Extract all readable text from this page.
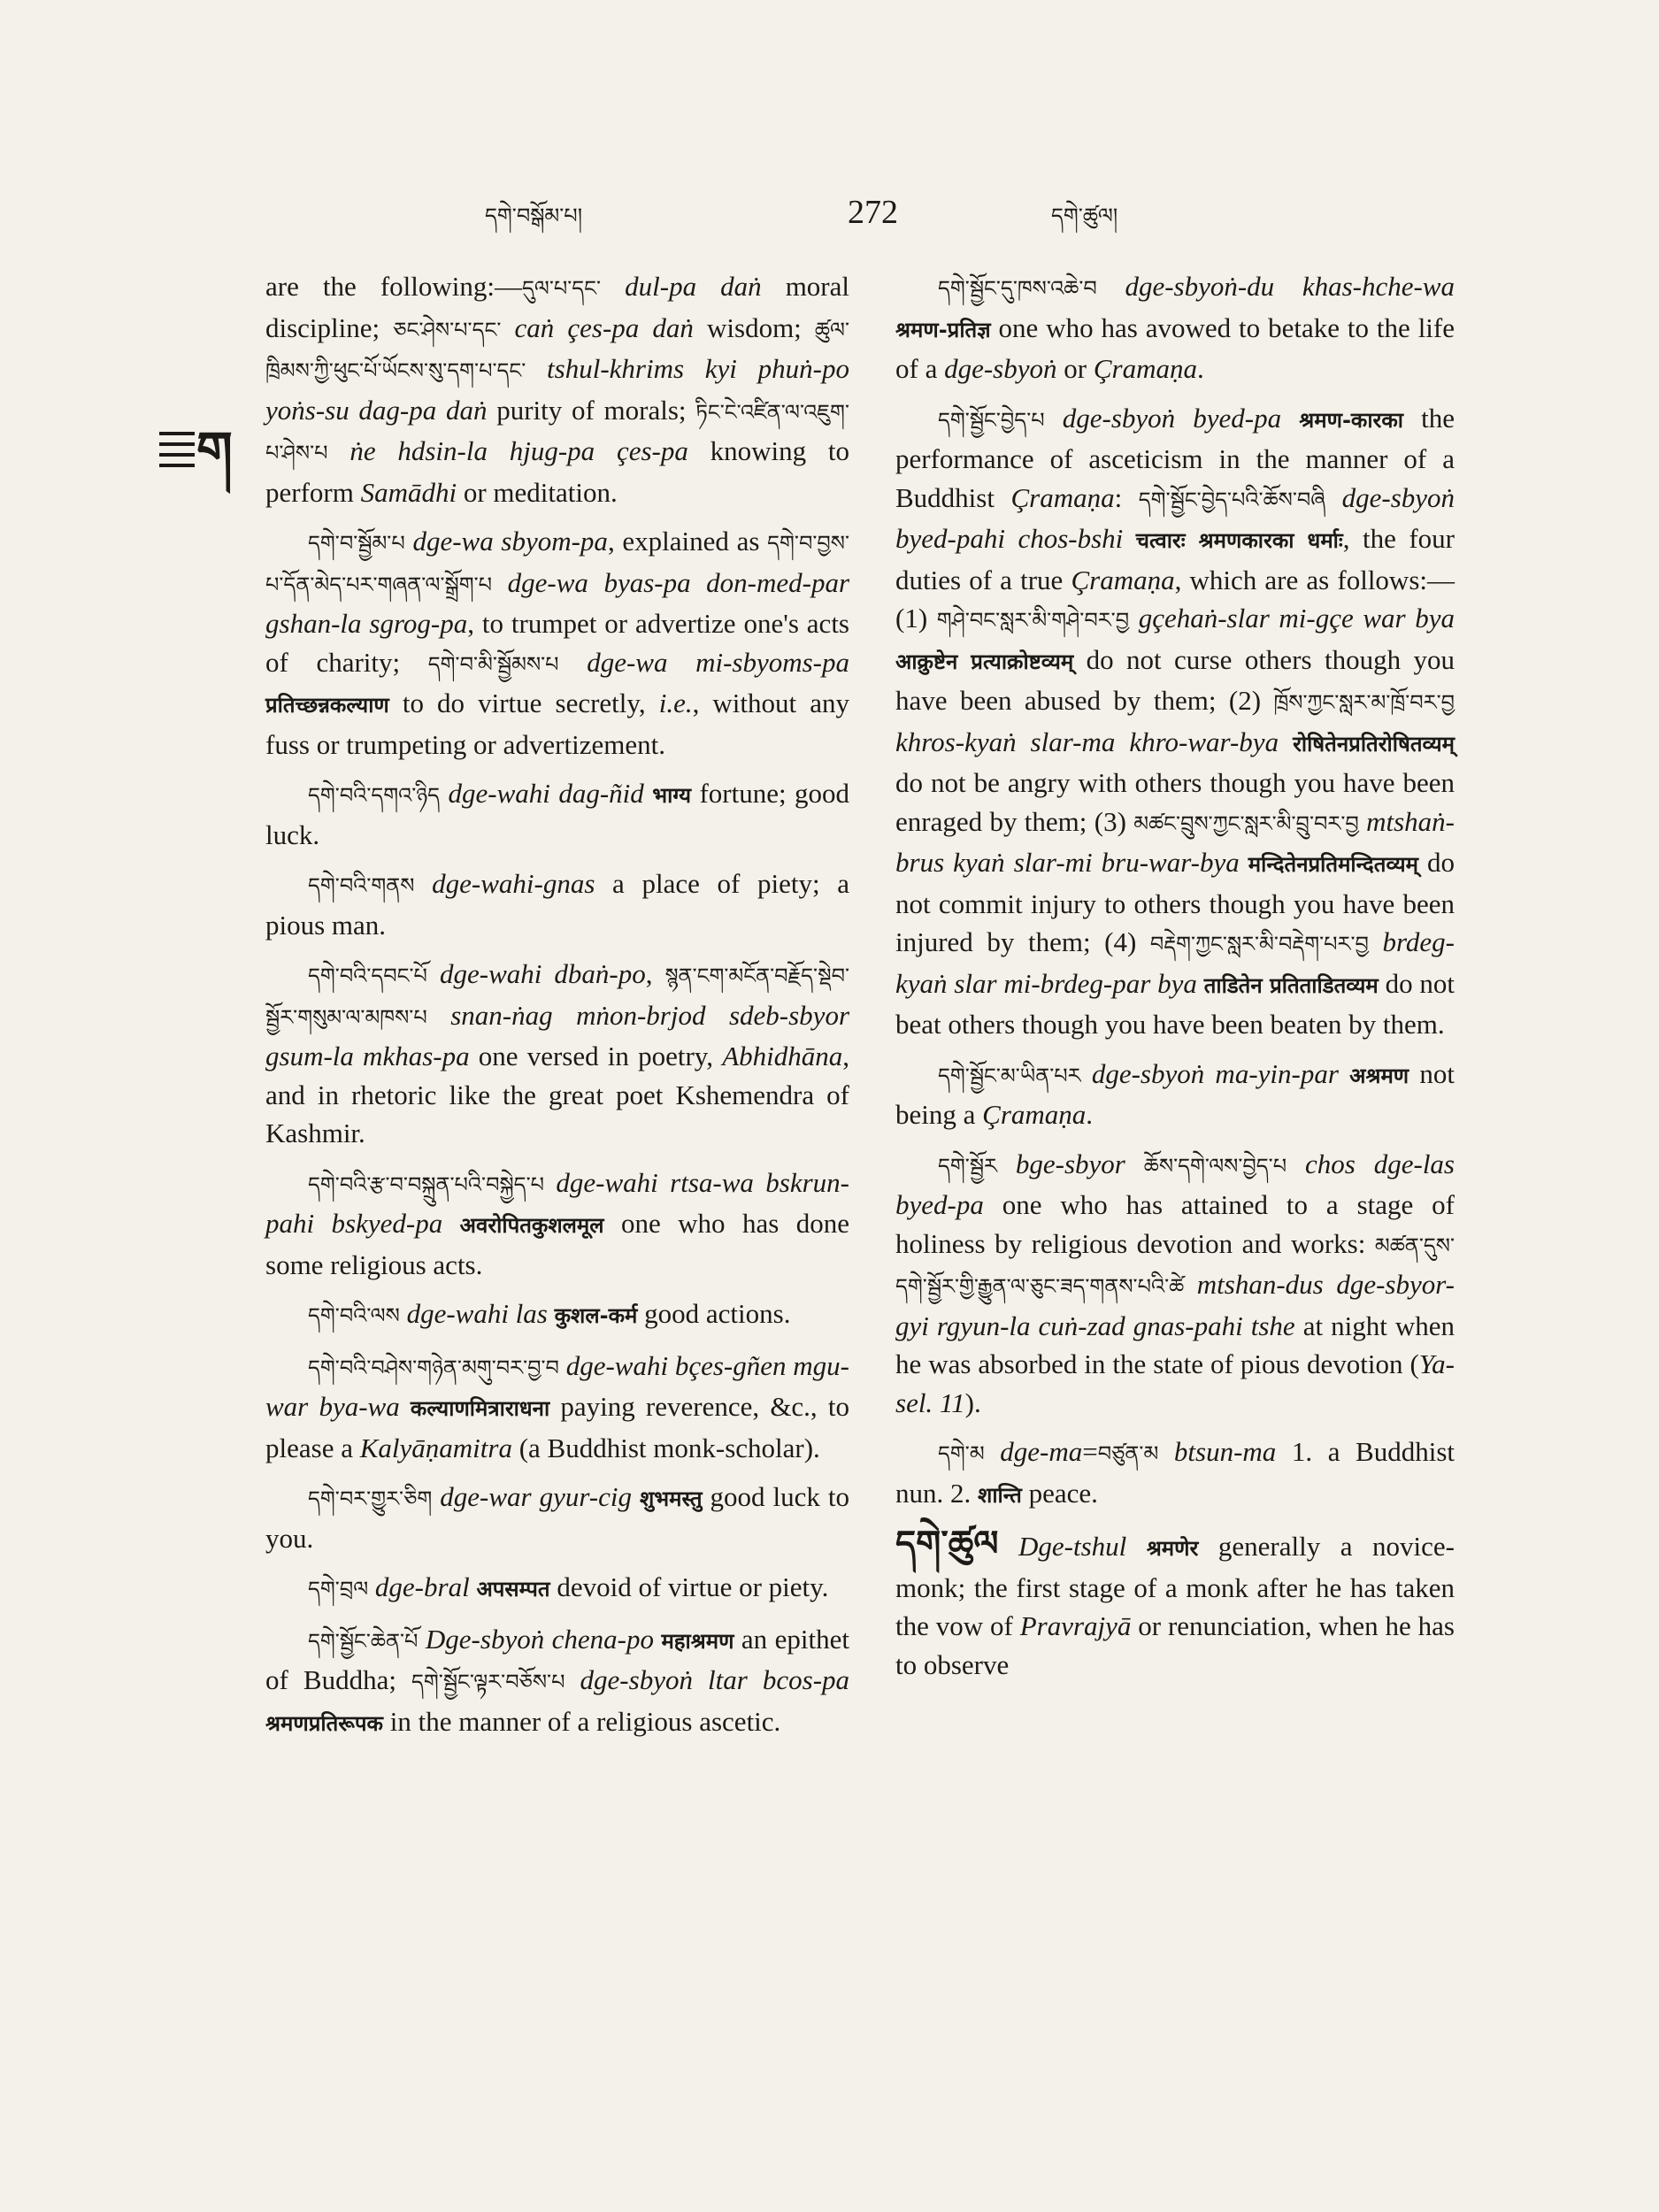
དགེ་བསྒོམ་པ།	272	དགེ་ཚུལ།
ག

are the following:—དུལ་པ་དང་ dul-pa daṅ moral discipline; ཅང་ཤེས་པ་དང་ caṅ çes-pa daṅ wisdom; ཚུལ་ཁྲིམས་ཀྱི་ཕུང་པོ་ཡོངས་སུ་དག་པ་དང་ tshul-khrims kyi phuṅ-po yoṅs-su dag-pa daṅ purity of morals; ཏིང་ངེ་འཛིན་ལ་འཇུག་པ་ཤེས་པ ṅe hdsin-la hjug-pa çes-pa knowing to perform Samādhi or meditation.

དགེ་བ་སྦྱོམ་པ dge-wa sbyom-pa, explained as དགེ་བ་བྱས་པ་དོན་མེད་པར་གཞན་ལ་སྒྲོག་པ dge-wa byas-pa don-med-par gshan-la sgrog-pa, to trumpet or advertize one's acts of charity; དགེ་བ་མི་སྦྱོམས་པ dge-wa mi-sbyoms-pa प्रतिच्छन्नकल्याण to do virtue secretly, i.e., without any fuss or trumpeting or advertizement.

དགེ་བའི་དགའ་ཉིད dge-wahi dag-ñid भाग्य fortune; good luck.

དགེ་བའི་གནས dge-wahi-gnas a place of piety; a pious man.

དགེ་བའི་དབང་པོ dge-wahi dbaṅ-po, སྙན་ངག་མངོན་བརྗོད་སྡེབ་སྦྱོར་གསུམ་ལ་མཁས་པ snan-ṅag mṅon-brjod sdeb-sbyor gsum-la mkhas-pa one versed in poetry, Abhidhāna, and in rhetoric like the great poet Kshemendra of Kashmir.

དགེ་བའི་རྩ་བ་བསྐྲུན་པའི་བསྐྱེད་པ dge-wahi rtsa-wa bskrun-pahi bskyed-pa अवरोपितकुशलमूल one who has done some religious acts.

དགེ་བའི་ལས dge-wahi las कुशल-कर्म good actions.

དགེ་བའི་བཤེས་གཉེན་མགུ་བར་བྱ་བ dge-wahi bçes-gñen mgu-war bya-wa कल्याणमित्राराधना paying reverence, &c., to please a Kalyāṇamitra (a Buddhist monk-scholar).

དགེ་བར་གྱུར་ཅིག dge-war gyur-cig शुभमस्तु good luck to you.

དགེ་བྲལ dge-bral अपसम्पत devoid of virtue or piety.

དགེ་སྦྱོང་ཆེན་པོ Dge-sbyoṅ chena-po महाश्रमण an epithet of Buddha; དགེ་སྦྱོང་ལྟར་བཅོས་པ dge-sbyoṅ ltar bcos-pa श्रमणप्रतिरूपक in the manner of a religious ascetic.

དགེ་སྦྱོང་དུ་ཁས་འཆེ་བ dge-sbyoṅ-du khas-hche-wa श्रमण-प्रतिज्ञ one who has avowed to betake to the life of a dge-sbyoṅ or Çramaṇa.

དགེ་སྦྱོང་བྱེད་པ dge-sbyoṅ byed-pa श्रमण-कारका the performance of asceticism in the manner of a Buddhist Çramaṇa: དགེ་སྦྱོང་བྱེད་པའི་ཆོས་བཞི dge-sbyoṅ byed-pahi chos-bshi चत्वारः श्रमणकारका धर्माः, the four duties of a true Çramaṇa, which are as follows:—(1) གཤེ་བང་སླར་མི་གཤེ་བར་བྱ gçehaṅ-slar mi-gçe war bya आक्रुष्टेन प्रत्याक्रोष्टव्यम् do not curse others though you have been abused by them; (2) ཁྲོས་ཀྱང་སླར་མ་ཁྲོ་བར་བྱ khros-kyaṅ slar-ma khro-war-bya रोषितेनप्रतिरोषितव्यम् do not be angry with others though you have been enraged by them; (3) མཚང་བྲུས་ཀྱང་སླར་མི་བྲུ་བར་བྱ mtshaṅ-brus kyaṅ slar-mi bru-war-bya मन्दितेनप्रतिमन्दितव्यम् do not commit injury to others though you have been injured by them; (4) བརྡེག་ཀྱང་སླར་མི་བརྡེག་པར་བྱ brdeg-kyaṅ slar mi-brdeg-par bya ताडितेन प्रतिताडितव्यम do not beat others though you have been beaten by them.

དགེ་སྦྱོང་མ་ཡིན་པར dge-sbyoṅ ma-yin-par अश्रमण not being a Çramaṇa.

དགེ་སྦྱོར bge-sbyor ཆོས་དགེ་ལས་བྱེད་པ chos dge-las byed-pa one who has attained to a stage of holiness by religious devotion and works: མཚན་དུས་དགེ་སྦྱོར་གྱི་རྒྱུན་ལ་ཅུང་ཟད་གནས་པའི་ཚེ mtshan-dus dge-sbyor-gyi rgyun-la cuṅ-zad gnas-pahi tshe at night when he was absorbed in the state of pious devotion (Ya-sel. 11).

དགེ་མ dge-ma=བཙུན་མ btsun-ma 1. a Buddhist nun. 2. शान्ति peace.

དགེ་ཚུལ Dge-tshul श्रमणेर generally a novice-monk; the first stage of a monk after he has taken the vow of Pravrajyā or renunciation, when he has to observe
